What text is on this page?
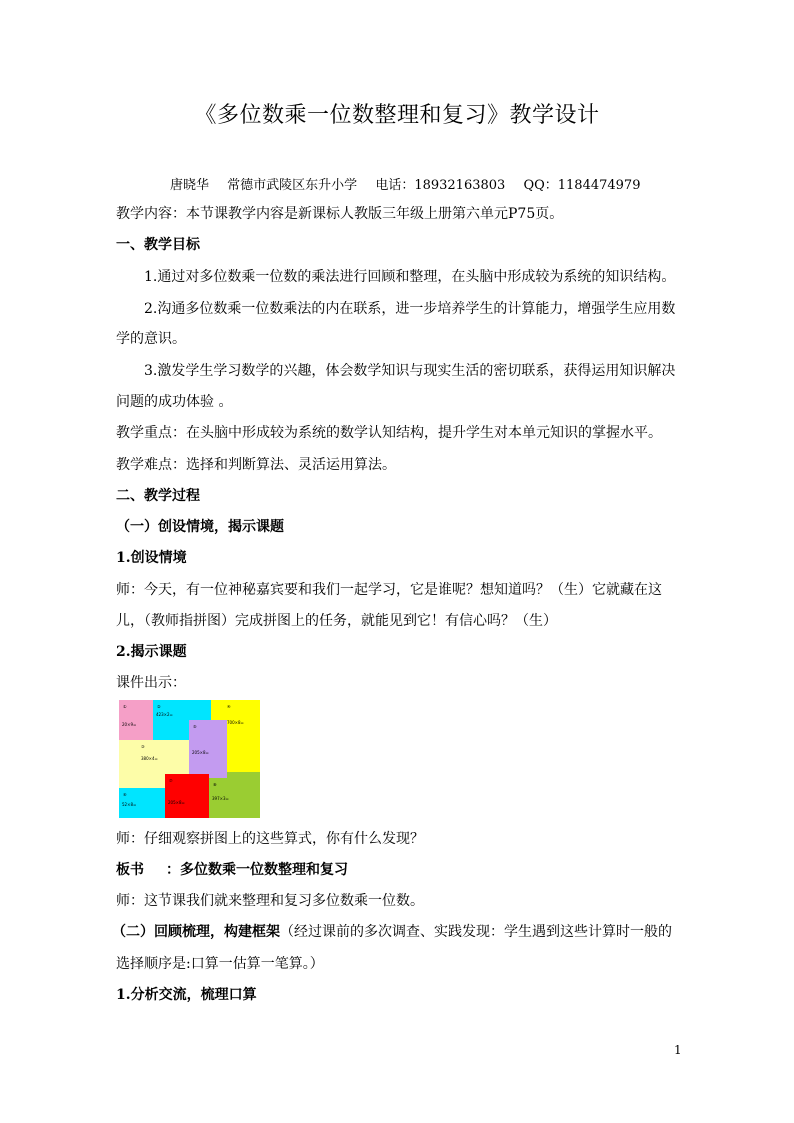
《多位数乘一位数整理和复习》教学设计
唐晓华 常德市武陵区东升小学 电话：18932163803 QQ：1184474979

教学内容：本节课教学内容是新课标人教版三年级上册第六单元P75页。

一、教学目标

1.通过对多位数乘一位数的乘法进行回顾和整理，在头脑中形成较为系统的知识结构。

2.沟通多位数乘一位数乘法的内在联系，进一步培养学生的计算能力，增强学生应用数

学的意识。

3.激发学生学习数学的兴趣，体会数学知识与现实生活的密切联系，获得运用知识解决

问题的成功体验 。

教学重点：在头脑中形成较为系统的数学认知结构，提升学生对本单元知识的掌握水平。

教学难点：选择和判断算法、灵活运用算法。

二、教学过程

（一）创设情境，揭示课题

1.创设情境

师：今天，有一位神秘嘉宾要和我们一起学习，它是谁呢？想知道吗？（生）它就藏在这

儿，（教师指拼图）完成拼图上的任务，就能见到它！有信心吗？（生）

2.揭示课题

课件出示：

①
20×9=
②
423×2=
④
700×8=
⑤
205×8=
③
380×4=
⑥
52×8=
⑦
205×8=
⑧
397×3=

师：仔细观察拼图上的这些算式，你有什么发现？

板书 ：多位数乘一位数整理和复习

师：这节课我们就来整理和复习多位数乘一位数。

（二）回顾梳理，构建框架（经过课前的多次调查、实践发现：学生遇到这些计算时一般的

选择顺序是:口算一估算一笔算。）

1.分析交流，梳理口算

1
